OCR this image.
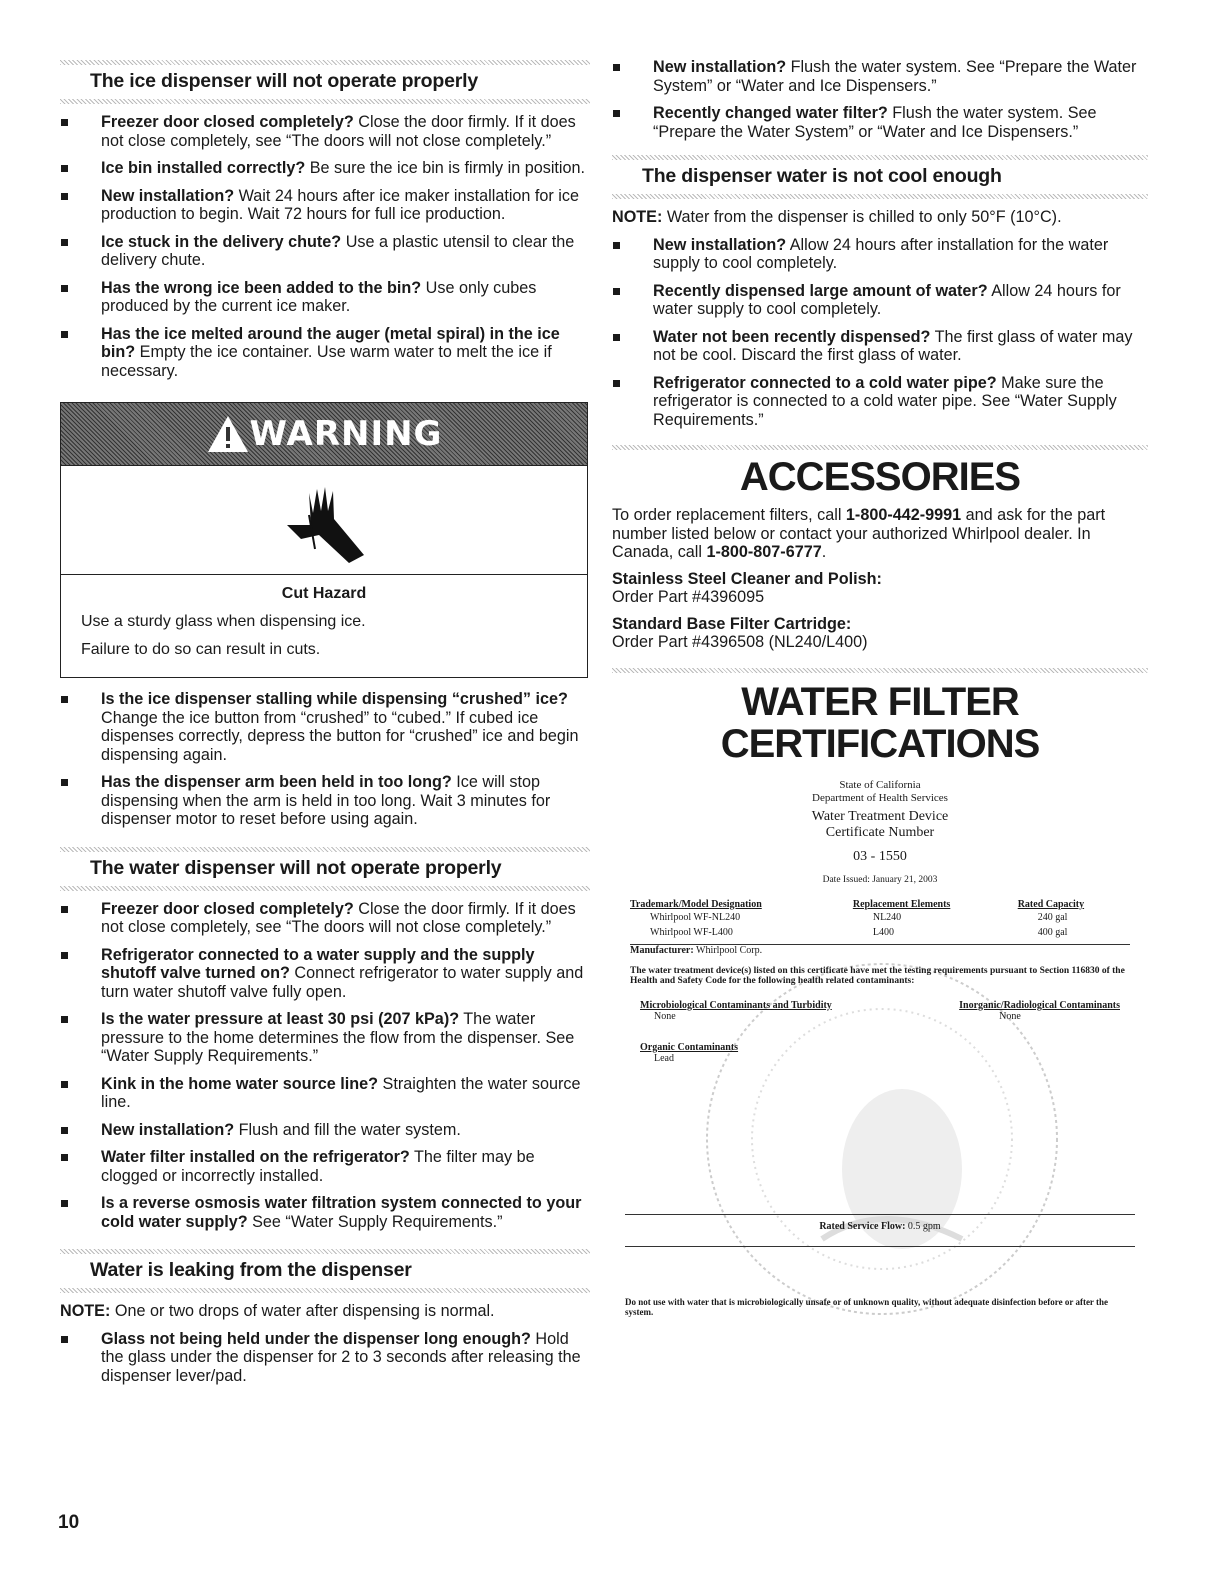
The ice dispenser will not operate properly
Freezer door closed completely? Close the door firmly. If it does not close completely, see “The doors will not close completely.”
Ice bin installed correctly? Be sure the ice bin is firmly in position.
New installation? Wait 24 hours after ice maker installation for ice production to begin. Wait 72 hours for full ice production.
Ice stuck in the delivery chute? Use a plastic utensil to clear the delivery chute.
Has the wrong ice been added to the bin? Use only cubes produced by the current ice maker.
Has the ice melted around the auger (metal spiral) in the ice bin? Empty the ice container. Use warm water to melt the ice if necessary.
WARNING
Cut Hazard
Use a sturdy glass when dispensing ice.
Failure to do so can result in cuts.
Is the ice dispenser stalling while dispensing “crushed” ice? Change the ice button from “crushed” to “cubed.” If cubed ice dispenses correctly, depress the button for “crushed” ice and begin dispensing again.
Has the dispenser arm been held in too long? Ice will stop dispensing when the arm is held in too long. Wait 3 minutes for dispenser motor to reset before using again.
The water dispenser will not operate properly
Freezer door closed completely? Close the door firmly. If it does not close completely, see “The doors will not close completely.”
Refrigerator connected to a water supply and the supply shutoff valve turned on? Connect refrigerator to water supply and turn water shutoff valve fully open.
Is the water pressure at least 30 psi (207 kPa)? The water pressure to the home determines the flow from the dispenser. See “Water Supply Requirements.”
Kink in the home water source line? Straighten the water source line.
New installation? Flush and fill the water system.
Water filter installed on the refrigerator? The filter may be clogged or incorrectly installed.
Is a reverse osmosis water filtration system connected to your cold water supply? See “Water Supply Requirements.”
Water is leaking from the dispenser
NOTE: One or two drops of water after dispensing is normal.
Glass not being held under the dispenser long enough? Hold the glass under the dispenser for 2 to 3 seconds after releasing the dispenser lever/pad.
New installation? Flush the water system. See “Prepare the Water System” or “Water and Ice Dispensers.”
Recently changed water filter? Flush the water system. See “Prepare the Water System” or “Water and Ice Dispensers.”
The dispenser water is not cool enough
NOTE: Water from the dispenser is chilled to only 50°F (10°C).
New installation? Allow 24 hours after installation for the water supply to cool completely.
Recently dispensed large amount of water? Allow 24 hours for water supply to cool completely.
Water not been recently dispensed? The first glass of water may not be cool. Discard the first glass of water.
Refrigerator connected to a cold water pipe? Make sure the refrigerator is connected to a cold water pipe. See “Water Supply Requirements.”
ACCESSORIES
To order replacement filters, call 1-800-442-9991 and ask for the part number listed below or contact your authorized Whirlpool dealer. In Canada, call 1-800-807-6777.
Stainless Steel Cleaner and Polish:
Order Part #4396095
Standard Base Filter Cartridge:
Order Part #4396508 (NL240/L400)
WATER FILTER
CERTIFICATIONS
State of California
Department of Health Services
Water Treatment Device
Certificate Number
03 - 1550
Date Issued: January 21, 2003
Trademark/Model Designation	Replacement Elements	Rated Capacity
Whirlpool WF-NL240	NL240	240 gal
Whirlpool WF-L400	L400	400 gal
Manufacturer: Whirlpool Corp.
The water treatment device(s) listed on this certificate have met the testing requirements pursuant to Section 116830 of the Health and Safety Code for the following health related contaminants:
Microbiological Contaminants and Turbidity
None
Inorganic/Radiological Contaminants
None
Organic Contaminants
Lead
Rated Service Flow: 0.5 gpm
Do not use with water that is microbiologically unsafe or of unknown quality, without adequate disinfection before or after the system.
10
